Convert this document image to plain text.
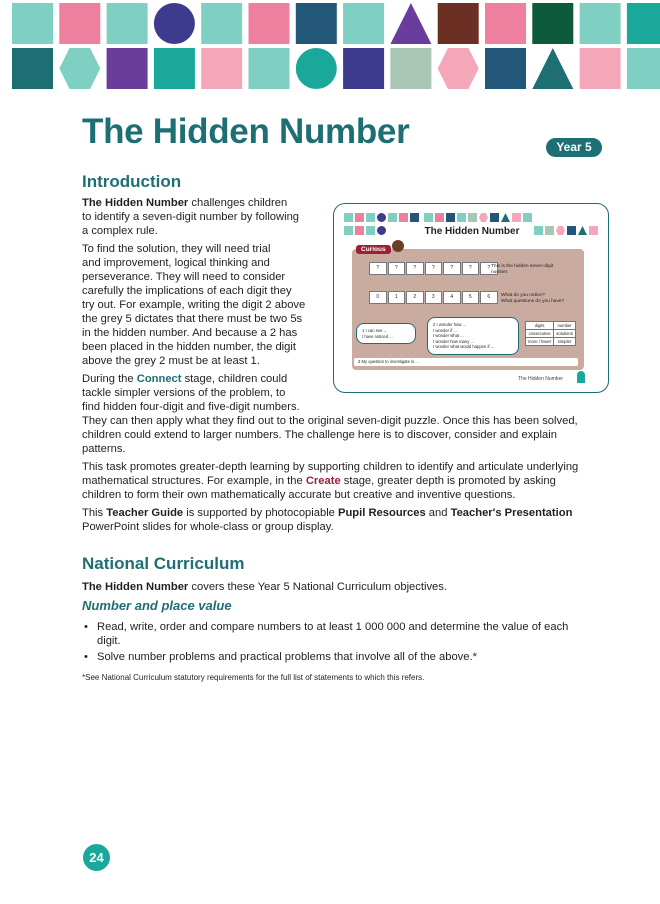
The Hidden Number	Year 5
Introduction

The Hidden Number challenges children
to identify a seven-digit number by following
a complex rule.

To find the solution, they will need trial
and improvement, logical thinking and
perseverance. They will need to consider
carefully the implications of each digit they
try out. For example, writing the digit 2 above
the grey 5 dictates that there must be two 5s
in the hidden number. And because a 2 has
been placed in the hidden number, the digit
above the grey 2 must be at least 1.

During the Connect stage, children could
tackle simpler versions of the problem, to
find hidden four-digit and five-digit numbers.
They can then apply what they find out to the original seven-digit puzzle. Once this has been solved,
children could extend to larger numbers. The challenge here is to discover, consider and explain
patterns.

This task promotes greater-depth learning by supporting children to identify and articulate underlying
mathematical structures. For example, in the Create stage, greater depth is promoted by asking
children to form their own mathematically accurate but creative and inventive questions.

This Teacher Guide is supported by photocopiable Pupil Resources and Teacher's Presentation
PowerPoint slides for whole-class or group display.

The Hidden Number
Curious
?	?	?	?	?	?	?
0	1	2	3	4	5	6
This is the hidden seven-digit
number.
What do you notice?
What questions do you have?
1 I can see ...
I have noticed ...
2 I wonder how ...
I wonder if ...
I wonder what ...
I wonder how many ...
I wonder what would happen if ...
digits	number
consecutive	solutions
more / fewer	simpler
3 My question to investigate is ...
The Hidden Number
National Curriculum

The Hidden Number covers these Year 5 National Curriculum objectives.

Number and place value

• Read, write, order and compare numbers to at least 1 000 000 and determine the value of each digit.
• Solve number problems and practical problems that involve all of the above.*
*See National Curriculum statutory requirements for the full list of statements to which this refers.
24
